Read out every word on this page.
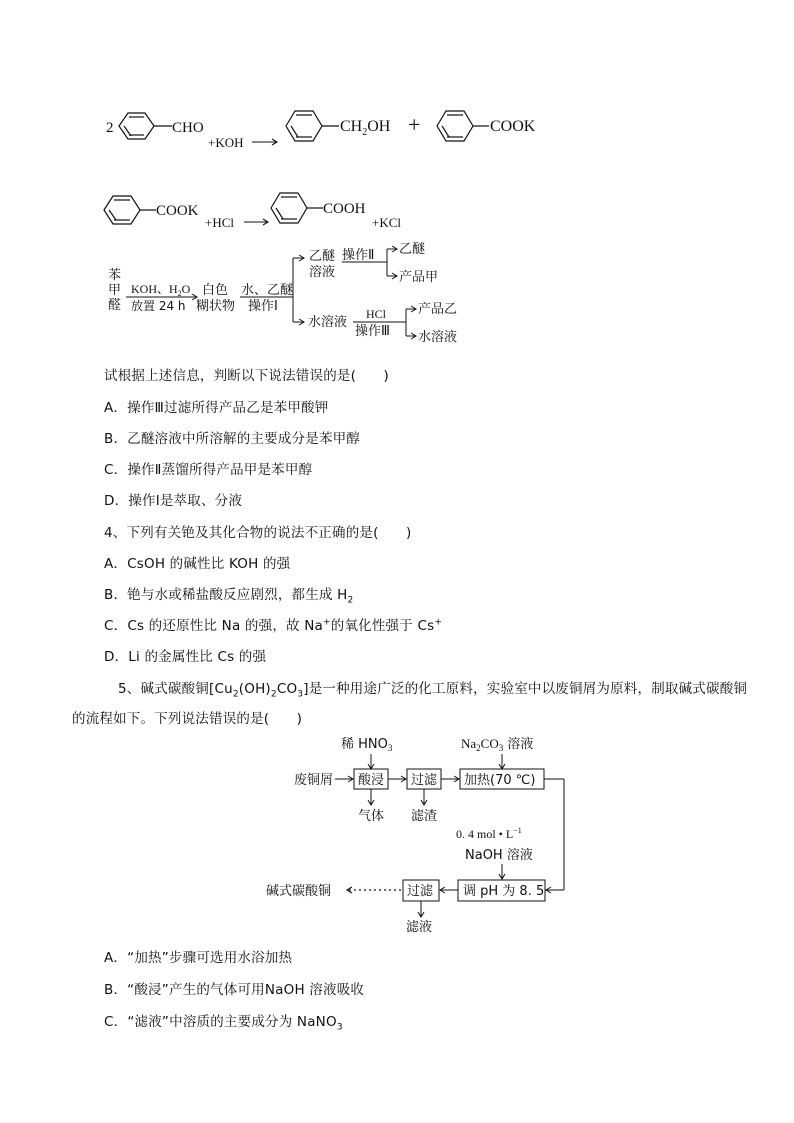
2	CHO
+KOH
$CH_2OH$ +	COOK
COOK
+HCl
COOH
+KCl
苯
甲
醛
KOH、$H_2O$
放置 24 h
白色
糊状物
水、乙醚
操作Ⅰ
乙醚
溶液
操作Ⅱ 乙醚
产品甲
水溶液
HCl
操作Ⅲ
产品乙
水溶液
试根据上述信息，判断以下说法错误的是(　　)
A．操作Ⅲ过滤所得产品乙是苯甲酸钾
B．乙醚溶液中所溶解的主要成分是苯甲醇
C．操作Ⅱ蒸馏所得产品甲是苯甲醇
D．操作Ⅰ是萃取、分液
4、下列有关铯及其化合物的说法不正确的是(　　)
A．CsOH 的碱性比 KOH 的强
B．铯与水或稀盐酸反应剧烈，都生成 $H_2$
C．Cs 的还原性比 Na 的强，故 Na+的氧化性强于 Cs+
D．Li 的金属性比 Cs 的强
5、碱式碳酸铜$[Cu_2(OH)_2CO_3]$是一种用途广泛的化工原料，实验室中以废铜屑为原料，制取碱式碳酸铜
的流程如下。下列说法错误的是(　　)
稀 $HNO_3$	$Na_2CO_3$ 溶液
废铜屑 酸浸 过滤 加热(70 ℃)
气体 滤渣
0. 4 mol • $L^{-1}$
NaOH 溶液
调 pH 为 8. 5
过滤
碱式碳酸铜
滤液
A．“加热”步骤可选用水浴加热
B．“酸浸”产生的气体可用NaOH 溶液吸收
C．“滤液”中溶质的主要成分为 NaNO$_3$
